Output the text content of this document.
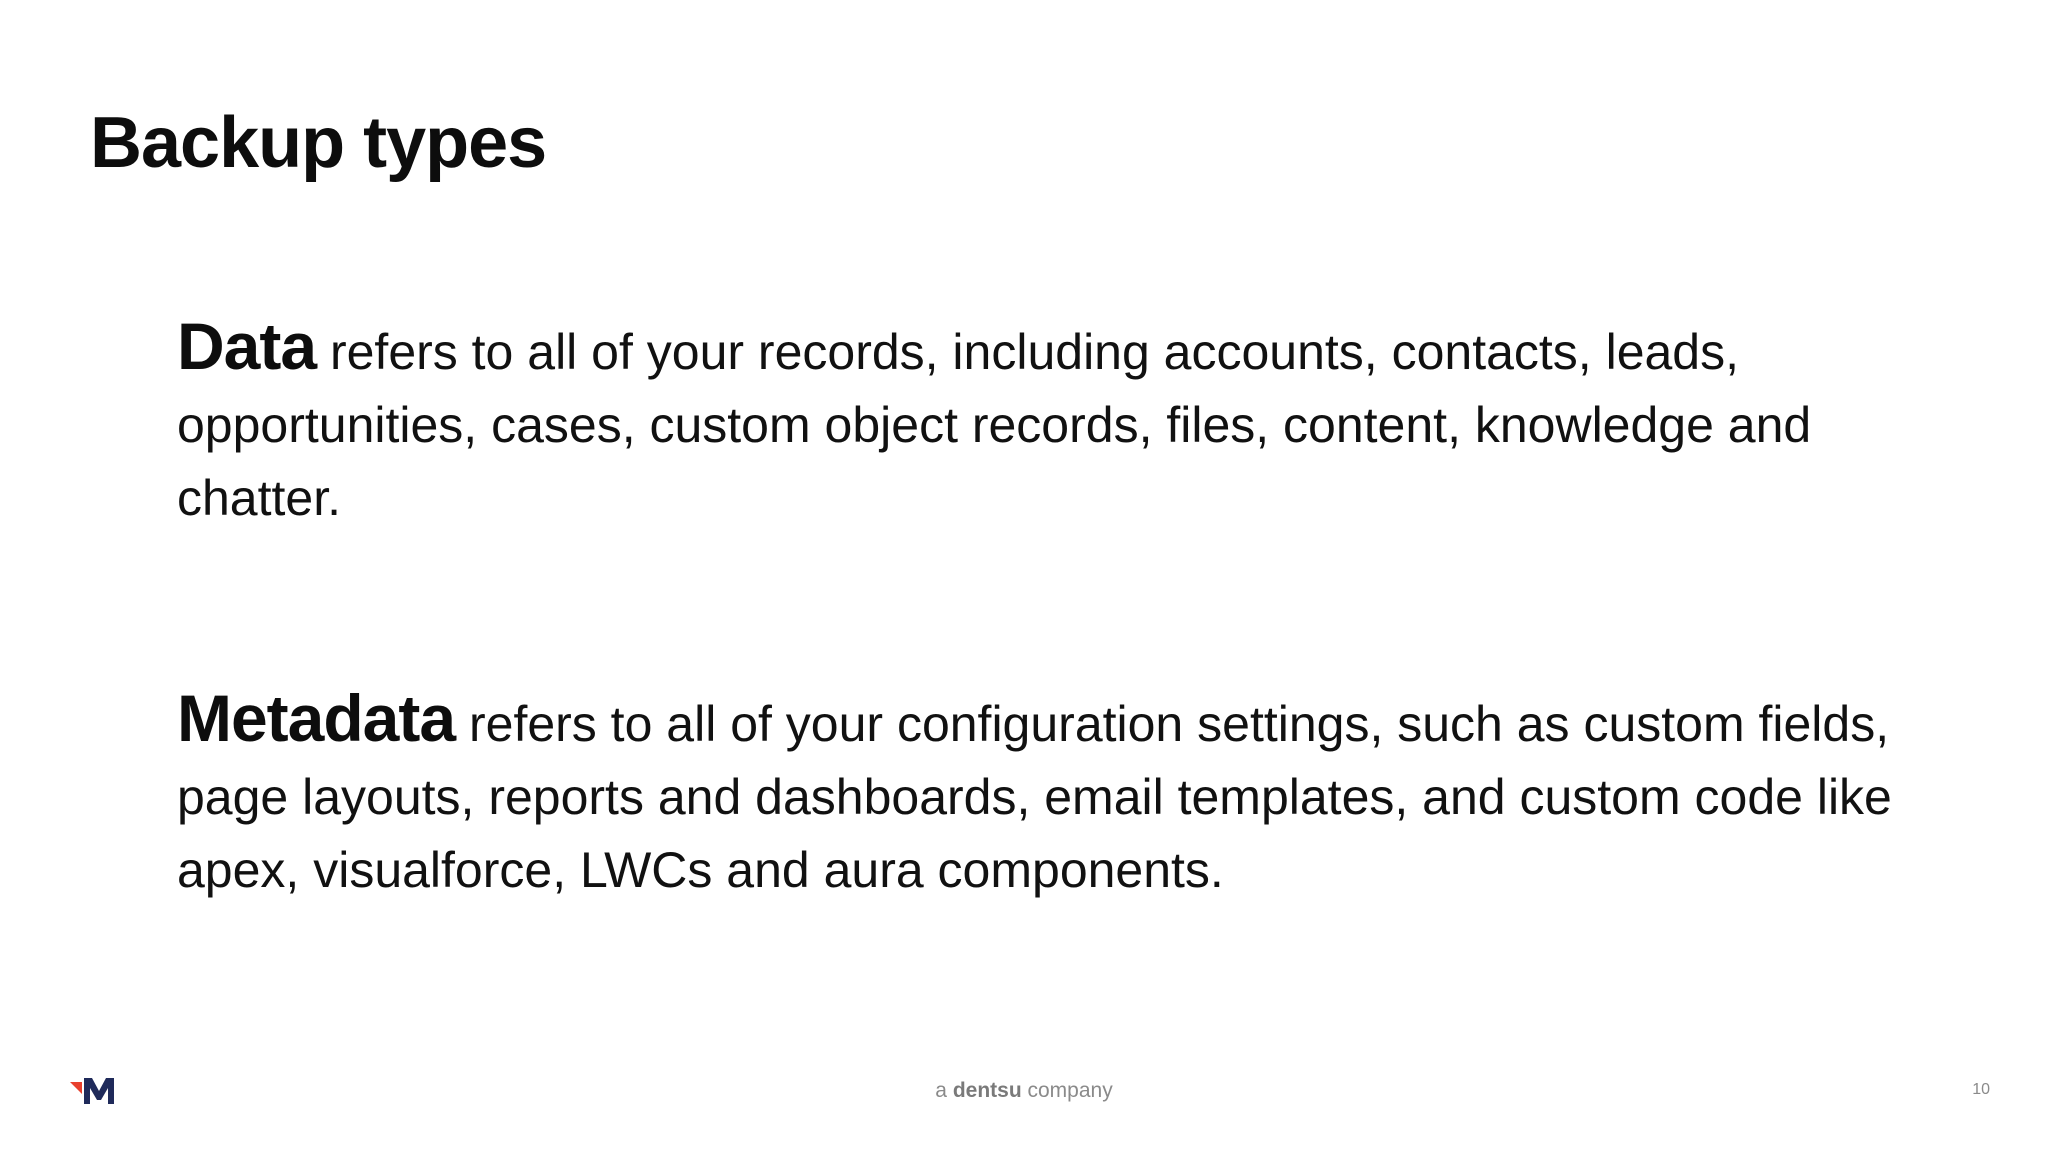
Backup types

Data refers to all of your records, including accounts, contacts, leads, opportunities, cases, custom object records, files, content, knowledge and chatter.

Metadata refers to all of your configuration settings, such as custom fields, page layouts, reports and dashboards, email templates, and custom code like apex, visualforce, LWCs and aura components.

a dentsu company	10
